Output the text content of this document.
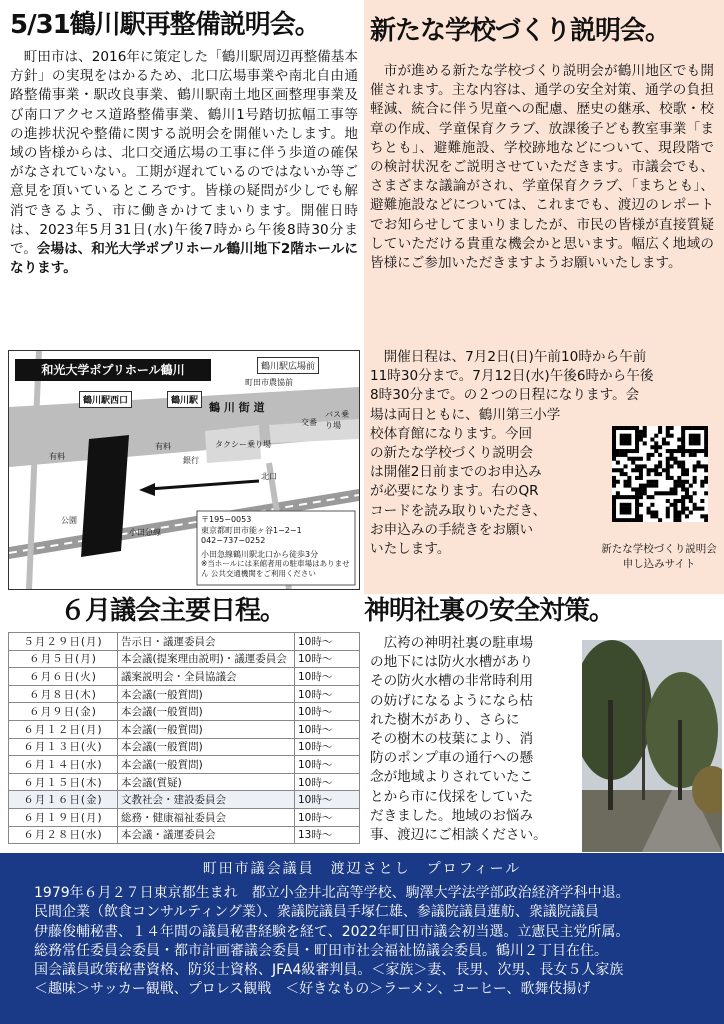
5/31鶴川駅再整備説明会。
　町田市は、2016年に策定した「鶴川駅周辺再整備基本方針」の実現をはかるため、北口広場事業や南北自由通路整備事業・駅改良事業、鶴川駅南土地区画整理事業及び南口アクセス道路整備事業、鶴川1号踏切拡幅工事等の進捗状況や整備に関する説明会を開催いたします。地域の皆様からは、北口交通広場の工事に伴う歩道の確保がなされていない。工期が遅れているのではないか等ご意見を頂いているところです。皆様の疑問が少しでも解消できるよう、市に働きかけてまいります。開催日時は、2023年5月31日(水)午後7時から午後8時30分まで。会場は、和光大学ポプリホール鶴川地下2階ホールになります。
和光大学ポプリホール鶴川
鶴川駅西口	鶴川駅
鶴川駅広場前
町田市農協前
鶴 川 街 道
バス乗り場
タクシー乗り場
銀行
交番
北口
公園
小田急線
有料
有料
〒195−0053
東京都町田市能ヶ谷1−2−1
042−737−0252
小田急線鶴川駅北口から徒歩3分
※当ホールには来館者用の駐車場はありません 公共交通機関をご利用ください
新たな学校づくり説明会。
　市が進める新たな学校づくり説明会が鶴川地区でも開催されます。主な内容は、通学の安全対策、通学の負担軽減、統合に伴う児童への配慮、歴史の継承、校歌・校章の作成、学童保育クラブ、放課後子ども教室事業「まちとも」、避難施設、学校跡地などについて、現段階での検討状況をご説明させていただきます。市議会でも、さまざまな議論がされ、学童保育クラブ、「まちとも」、避難施設などについては、これまでも、渡辺のレポートでお知らせしてまいりましたが、市民の皆様が直接質疑していただける貴重な機会かと思います。幅広く地域の皆様にご参加いただきますようお願いいたします。
　開催日程は、7月2日(日)午前10時から午前
11時30分まで。7月12日(水)午後6時から午後
8時30分まで。の２つの日程になります。会
場は両日ともに、鶴川第三小学
校体育館になります。今回
の新たな学校づくり説明会
は開催2日前までのお申込み
が必要になります。右のQR
コードを読み取りいただき、
お申込みの手続きをお願い
いたします。	新たな学校づくり説明会申し込みサイト
６月議会主要日程。
５月２９日(月)	告示日・議運委員会	10時～
６月５日(月)	本会議(提案理由説明)・議運委員会	10時～
６月６日(火)	議案説明会・全員協議会	10時～
６月８日(木)	本会議(一般質問)	10時～
６月９日(金)	本会議(一般質問)	10時～
６月１２日(月)	本会議(一般質問)	10時～
６月１３日(火)	本会議(一般質問)	10時～
６月１４日(水)	本会議(一般質問)	10時～
６月１５日(木)	本会議(質疑)	10時～
６月１６日(金)	文教社会・建設委員会	10時～
６月１９日(月)	総務・健康福祉委員会	10時～
６月２８日(水)	本会議・議運委員会	13時～
神明社裏の安全対策。
　広袴の神明社裏の駐車場
の地下には防火水槽があり
その防火水槽の非常時利用
の妨げになるようになら枯
れた樹木があり、さらに
その樹木の枝葉により、消
防のポンプ車の通行への懸
念が地域よりされていたこ
とから市に伐採をしていた
だきました。地域のお悩み
事、渡辺にご相談ください。
町田市議会議員　渡辺さとし　プロフィール
1979年６月２７日東京都生まれ　都立小金井北高等学校、駒澤大学法学部政治経済学科中退。
民間企業（飲食コンサルティング業）、衆議院議員手塚仁雄、参議院議員蓮舫、衆議院議員
伊藤俊輔秘書、１４年間の議員秘書経験を経て、2022年町田市議会初当選。立憲民主党所属。
総務常任委員会委員・都市計画審議会委員・町田市社会福祉協議会委員。鶴川２丁目在住。
国会議員政策秘書資格、防災士資格、JFA4級審判員。＜家族＞妻、長男、次男、長女５人家族
＜趣味＞サッカー観戦、プロレス観戦　＜好きなもの＞ラーメン、コーヒー、歌舞伎揚げ
